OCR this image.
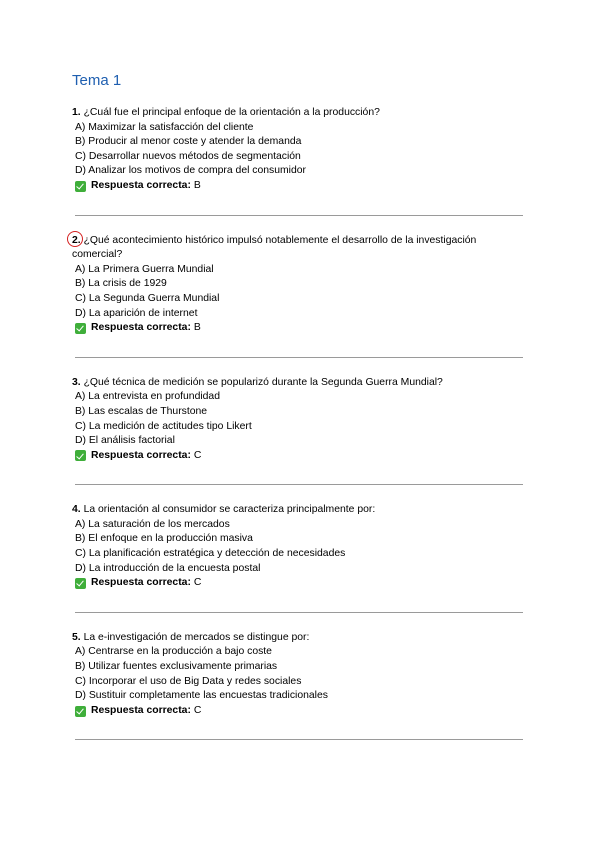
Tema 1

1. ¿Cuál fue el principal enfoque de la orientación a la producción?

A) Maximizar la satisfacción del cliente
B) Producir al menor coste y atender la demanda
C) Desarrollar nuevos métodos de segmentación
D) Analizar los motivos de compra del consumidor
Respuesta correcta: B

2. ¿Qué acontecimiento histórico impulsó notablemente el desarrollo de la investigación comercial?

A) La Primera Guerra Mundial
B) La crisis de 1929
C) La Segunda Guerra Mundial
D) La aparición de internet
Respuesta correcta: B

3. ¿Qué técnica de medición se popularizó durante la Segunda Guerra Mundial?

A) La entrevista en profundidad
B) Las escalas de Thurstone
C) La medición de actitudes tipo Likert
D) El análisis factorial
Respuesta correcta: C

4. La orientación al consumidor se caracteriza principalmente por:

A) La saturación de los mercados
B) El enfoque en la producción masiva
C) La planificación estratégica y detección de necesidades
D) La introducción de la encuesta postal
Respuesta correcta: C

5. La e-investigación de mercados se distingue por:

A) Centrarse en la producción a bajo coste
B) Utilizar fuentes exclusivamente primarias
C) Incorporar el uso de Big Data y redes sociales
D) Sustituir completamente las encuestas tradicionales
Respuesta correcta: C
